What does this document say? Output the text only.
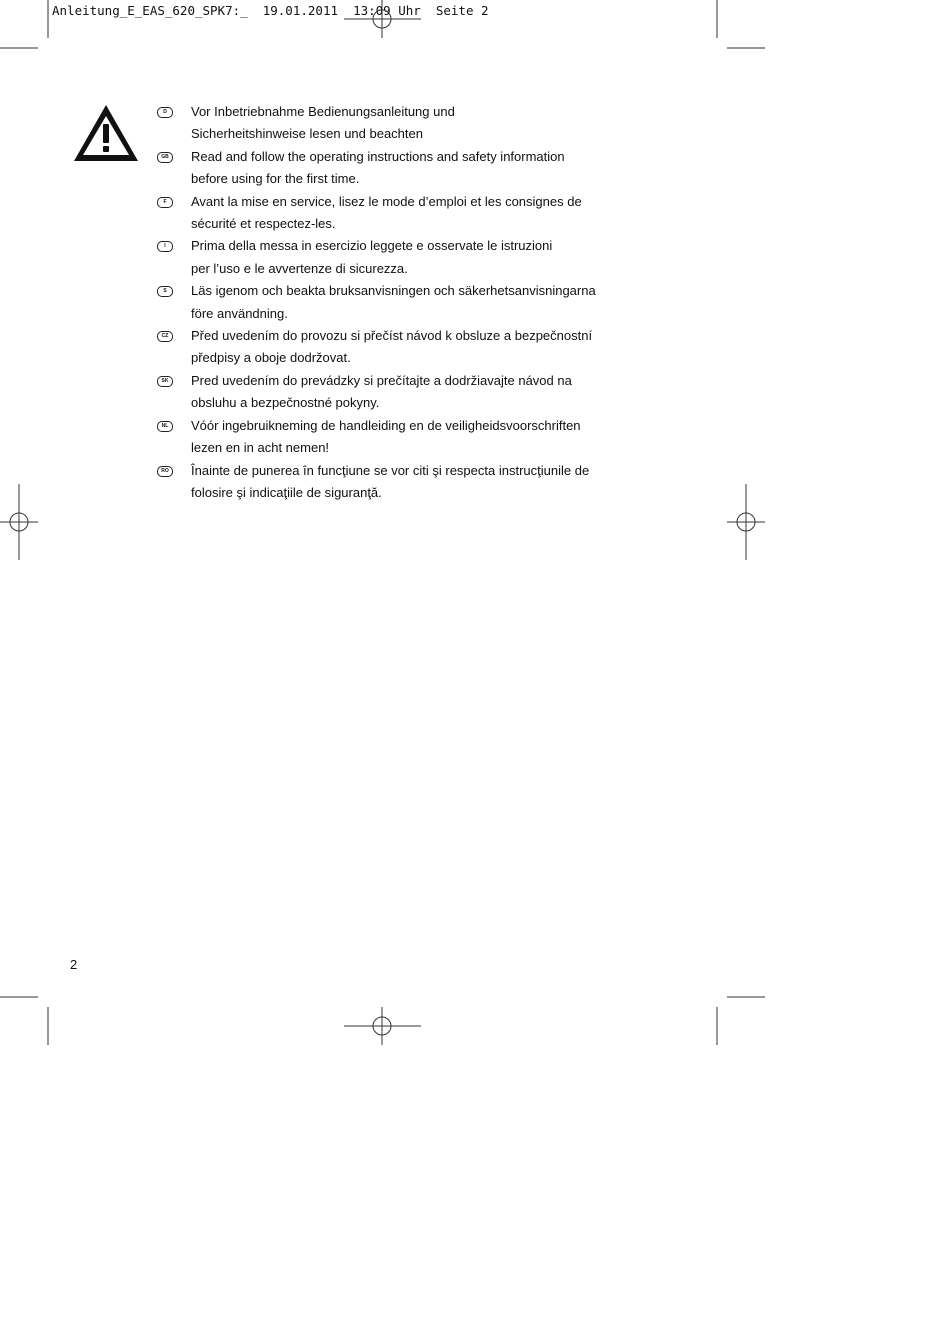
Anleitung_E_EAS_620_SPK7:_ 19.01.2011 13:09 Uhr Seite 2
D	Vor Inbetriebnahme Bedienungsanleitung und
Sicherheitshinweise lesen und beachten
GB	Read and follow the operating instructions and safety information
before using for the first time.
F	Avant la mise en service, lisez le mode d’emploi et les consignes de
sécurité et respectez-les.
I	Prima della messa in esercizio leggete e osservate le istruzioni
per l’uso e le avvertenze di sicurezza.
S	Läs igenom och beakta bruksanvisningen och säkerhetsanvisningarna
före användning.
CZ	Před uvedením do provozu si přečíst návod k obsluze a bezpečnostní
předpisy a oboje dodržovat.
SK	Pred uvedením do prevádzky si prečítajte a dodržiavajte návod na
obsluhu a bezpečnostné pokyny.
NL	Vóór ingebruikneming de handleiding en de veiligheidsvoorschriften
lezen en in acht nemen!
RO	Înainte de punerea în funcţiune se vor citi şi respecta instrucţiunile de
folosire şi indicaţiile de siguranţă.
2
